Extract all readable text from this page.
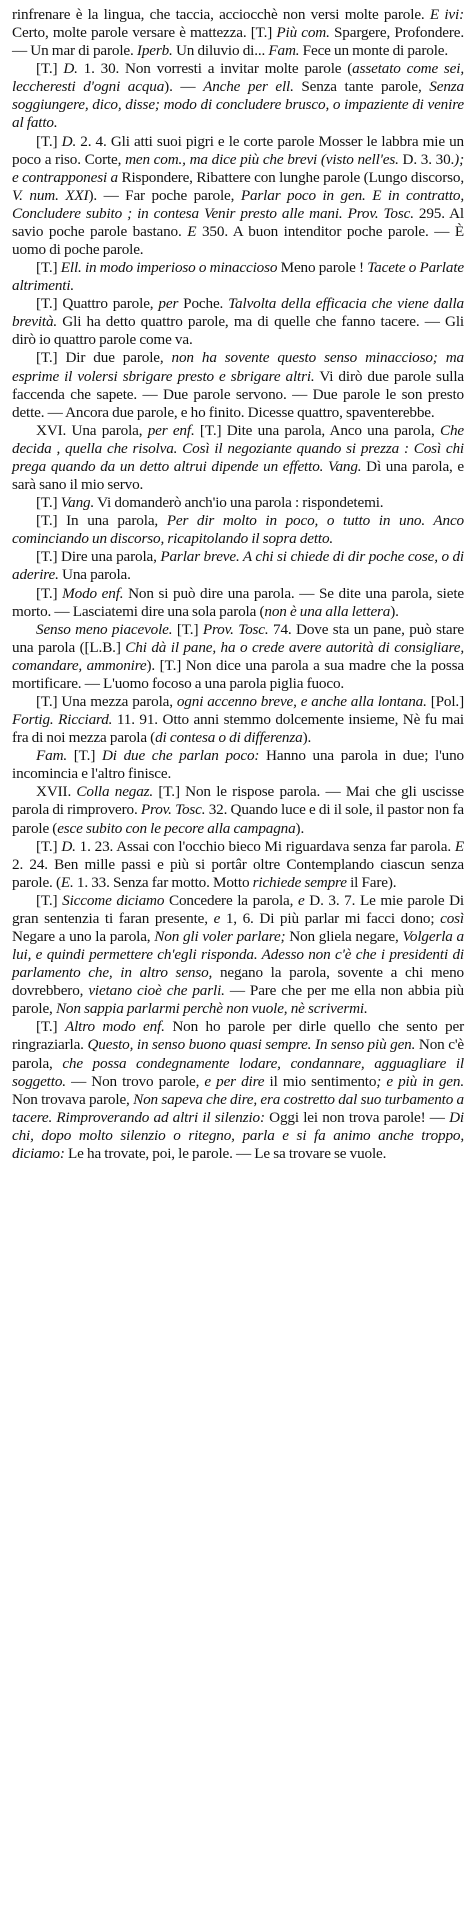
rinfrenare è la lingua, che taccia, acciocchè non versi molte parole. E ivi: Certo, molte parole versare è mattezza. [T.] Più com. Spargere, Profondere. — Un mar di parole. Iperb. Un diluvio di... Fam. Fece un monte di parole.

[T.] D. 1. 30. Non vorresti a invitar molte parole (assetato come sei, leccheresti d'ogni acqua). — Anche per ell. Senza tante parole, Senza soggiungere, dico, disse; modo di concludere brusco, o impaziente di venire al fatto.

[T.] D. 2. 4. Gli atti suoi pigri e le corte parole Mosser le labbra mie un poco a riso. Corte, men com., ma dice più che brevi (visto nell'es. D. 3. 30.); e contrapponesi a Rispondere, Ribattere con lunghe parole (Lungo discorso, V. num. XXI). — Far poche parole, Parlar poco in gen. E in contratto, Concludere subito ; in contesa Venir presto alle mani. Prov. Tosc. 295. Al savio poche parole bastano. E 350. A buon intenditor poche parole. — È uomo di poche parole.

[T.] Ell. in modo imperioso o minaccioso Meno parole ! Tacete o Parlate altrimenti.

[T.] Quattro parole, per Poche. Talvolta della efficacia che viene dalla brevità. Gli ha detto quattro parole, ma di quelle che fanno tacere. — Gli dirò io quattro parole come va.

[T.] Dir due parole, non ha sovente questo senso minaccioso; ma esprime il volersi sbrigare presto e sbrigare altri. Vi dirò due parole sulla faccenda che sapete. — Due parole servono. — Due parole le son presto dette. — Ancora due parole, e ho finito. Dicesse quattro, spaventerebbe.

XVI. Una parola, per enf. [T.] Dite una parola, Anco una parola, Che decida , quella che risolva. Così il negoziante quando si prezza : Così chi prega quando da un detto altrui dipende un effetto. Vang. Dì una parola, e sarà sano il mio servo.

[T.] Vang. Vi domanderò anch'io una parola : rispondetemi.

[T.] In una parola, Per dir molto in poco, o tutto in uno. Anco cominciando un discorso, ricapitolando il sopra detto.

[T.] Dire una parola, Parlar breve. A chi si chiede di dir poche cose, o di aderire. Una parola.

[T.] Modo enf. Non si può dire una parola. — Se dite una parola, siete morto. — Lasciatemi dire una sola parola (non è una alla lettera).

Senso meno piacevole. [T.] Prov. Tosc. 74. Dove sta un pane, può stare una parola ([L.B.] Chi dà il pane, ha o crede avere autorità di consigliare, comandare, ammonire). [T.] Non dice una parola a sua madre che la possa mortificare. — L'uomo focoso a una parola piglia fuoco.

[T.] Una mezza parola, ogni accenno breve, e anche alla lontana. [Pol.] Fortig. Ricciard. 11. 91. Otto anni stemmo dolcemente insieme, Nè fu mai fra di noi mezza parola (di contesa o di differenza).

Fam. [T.] Di due che parlan poco: Hanno una parola in due; l'uno incomincia e l'altro finisce.

XVII. Colla negaz. [T.] Non le rispose parola. — Mai che gli uscisse parola di rimprovero. Prov. Tosc. 32. Quando luce e di il sole, il pastor non fa parole (esce subito con le pecore alla campagna).

[T.] D. 1. 23. Assai con l'occhio bieco Mi riguardava senza far parola. E 2. 24. Ben mille passi e più si portâr oltre Contemplando ciascun senza parole. (E. 1. 33. Senza far motto. Motto richiede sempre il Fare).

[T.] Siccome diciamo Concedere la parola, e D. 3. 7. Le mie parole Di gran sentenzia ti faran presente, e 1, 6. Di più parlar mi facci dono; così Negare a uno la parola, Non gli voler parlare; Non gliela negare, Volgerla a lui, e quindi permettere ch'egli risponda. Adesso non c'è che i presidenti di parlamento che, in altro senso, negano la parola, sovente a chi meno dovrebbero, vietano cioè che parli. — Pare che per me ella non abbia più parole, Non sappia parlarmi perchè non vuole, nè scrivermi.

[T.] Altro modo enf. Non ho parole per dirle quello che sento per ringraziarla. Questo, in senso buono quasi sempre. In senso più gen. Non c'è parola, che possa condegnamente lodare, condannare, agguagliare il soggetto. — Non trovo parole, e per dire il mio sentimento; e più in gen. Non trovava parole, Non sapeva che dire, era costretto dal suo turbamento a tacere. Rimproverando ad altri il silenzio: Oggi lei non trova parole! — Di chi, dopo molto silenzio o ritegno, parla e si fa animo anche troppo, diciamo: Le ha trovate, poi, le parole. — Le sa trovare se vuole.
